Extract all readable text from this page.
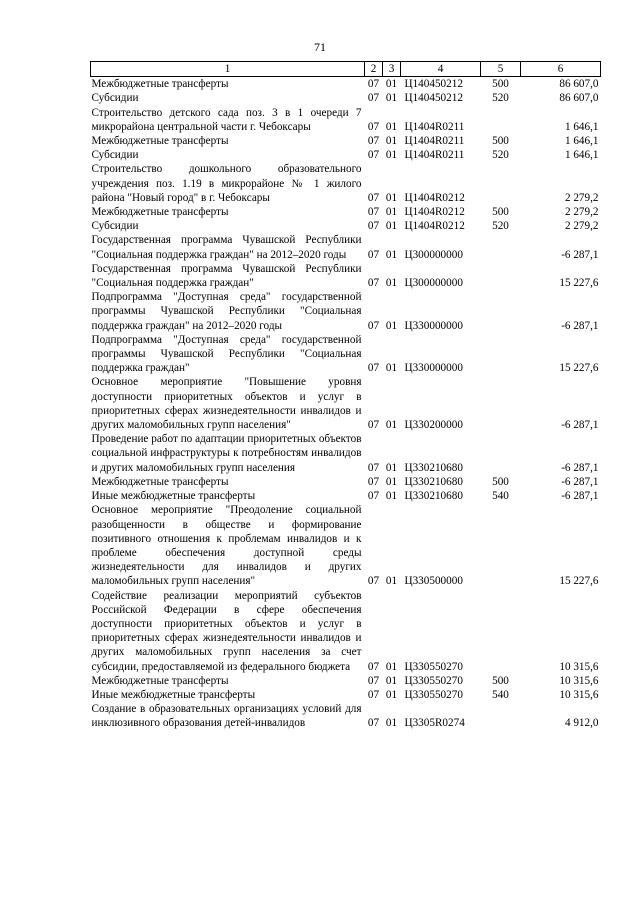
71
1	2	3	4	5	6
Межбюджетные трансферты	07	01	Ц140450212	500	86 607,0
Субсидии	07	01	Ц140450212	520	86 607,0
Строительство детского сада поз. 3 в 1 очереди 7 микрорайона центральной части г. Чебоксары	07	01	Ц1404R0211		1 646,1
Межбюджетные трансферты	07	01	Ц1404R0211	500	1 646,1
Субсидии	07	01	Ц1404R0211	520	1 646,1
Строительство дошкольного образовательного учреждения поз. 1.19 в микрорайоне № 1 жилого района "Новый город" в г. Чебоксары	07	01	Ц1404R0212		2 279,2
Межбюджетные трансферты	07	01	Ц1404R0212	500	2 279,2
Субсидии	07	01	Ц1404R0212	520	2 279,2
Государственная программа Чувашской Республики "Социальная поддержка граждан" на 2012–2020 годы	07	01	Ц300000000		-6 287,1
Государственная программа Чувашской Республики "Социальная поддержка граждан"	07	01	Ц300000000		15 227,6
Подпрограмма "Доступная среда" государственной программы Чувашской Республики "Социальная поддержка граждан" на 2012–2020 годы	07	01	Ц330000000		-6 287,1
Подпрограмма "Доступная среда" государственной программы Чувашской Республики "Социальная поддержка граждан"	07	01	Ц330000000		15 227,6
Основное мероприятие "Повышение уровня доступности приоритетных объектов и услуг в приоритетных сферах жизнедеятельности инвалидов и других маломобильных групп населения"	07	01	Ц330200000		-6 287,1
Проведение работ по адаптации приоритетных объектов социальной инфраструктуры к потребностям инвалидов и других маломобильных групп населения	07	01	Ц330210680		-6 287,1
Межбюджетные трансферты	07	01	Ц330210680	500	-6 287,1
Иные межбюджетные трансферты	07	01	Ц330210680	540	-6 287,1
Основное мероприятие "Преодоление социальной разобщенности в обществе и формирование позитивного отношения к проблемам инвалидов и к проблеме обеспечения доступной среды жизнедеятельности для инвалидов и других маломобильных групп населения"	07	01	Ц330500000		15 227,6
Содействие реализации мероприятий субъектов Российской Федерации в сфере обеспечения доступности приоритетных объектов и услуг в приоритетных сферах жизнедеятельности инвалидов и других маломобильных групп населения за счет субсидии, предоставляемой из федерального бюджета	07	01	Ц330550270		10 315,6
Межбюджетные трансферты	07	01	Ц330550270	500	10 315,6
Иные межбюджетные трансферты	07	01	Ц330550270	540	10 315,6
Создание в образовательных организациях условий для инклюзивного образования детей-инвалидов	07	01	Ц3305R0274		4 912,0
